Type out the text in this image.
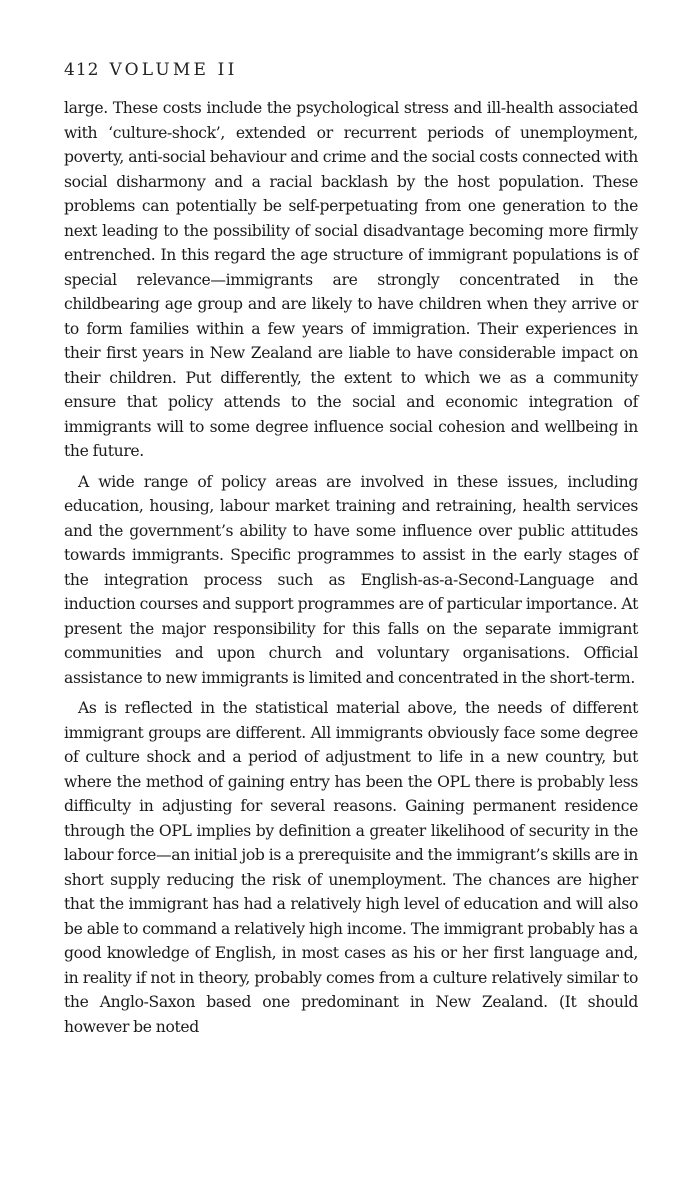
412 VOLUME II

large. These costs include the psychological stress and ill-health associated with ‘culture-shock’, extended or recurrent periods of unemployment, poverty, anti-social behaviour and crime and the social costs connected with social disharmony and a racial backlash by the host population. These problems can potentially be self-perpetuating from one generation to the next leading to the possibility of social disadvantage becoming more firmly entrenched. In this regard the age structure of immigrant populations is of special relevance—immigrants are strongly concentrated in the childbearing age group and are likely to have children when they arrive or to form families within a few years of immigration. Their experiences in their first years in New Zealand are liable to have considerable impact on their children. Put differently, the extent to which we as a community ensure that policy attends to the social and economic integration of immigrants will to some degree influence social cohesion and wellbeing in the future.

A wide range of policy areas are involved in these issues, including education, housing, labour market training and retraining, health services and the government’s ability to have some influence over public attitudes towards immigrants. Specific programmes to assist in the early stages of the integration process such as English-as-a-Second-Language and induction courses and support programmes are of particular importance. At present the major responsibility for this falls on the separate immigrant communities and upon church and voluntary organisations. Official assistance to new immigrants is limited and concentrated in the short-term.

As is reflected in the statistical material above, the needs of different immigrant groups are different. All immigrants obviously face some degree of culture shock and a period of adjustment to life in a new country, but where the method of gaining entry has been the OPL there is probably less difficulty in adjusting for several reasons. Gaining permanent residence through the OPL implies by definition a greater likelihood of security in the labour force—an initial job is a prerequisite and the immigrant’s skills are in short supply reducing the risk of unemployment. The chances are higher that the immigrant has had a relatively high level of education and will also be able to command a relatively high income. The immigrant probably has a good knowledge of English, in most cases as his or her first language and, in reality if not in theory, probably comes from a culture relatively similar to the Anglo-Saxon based one predominant in New Zealand. (It should however be noted
